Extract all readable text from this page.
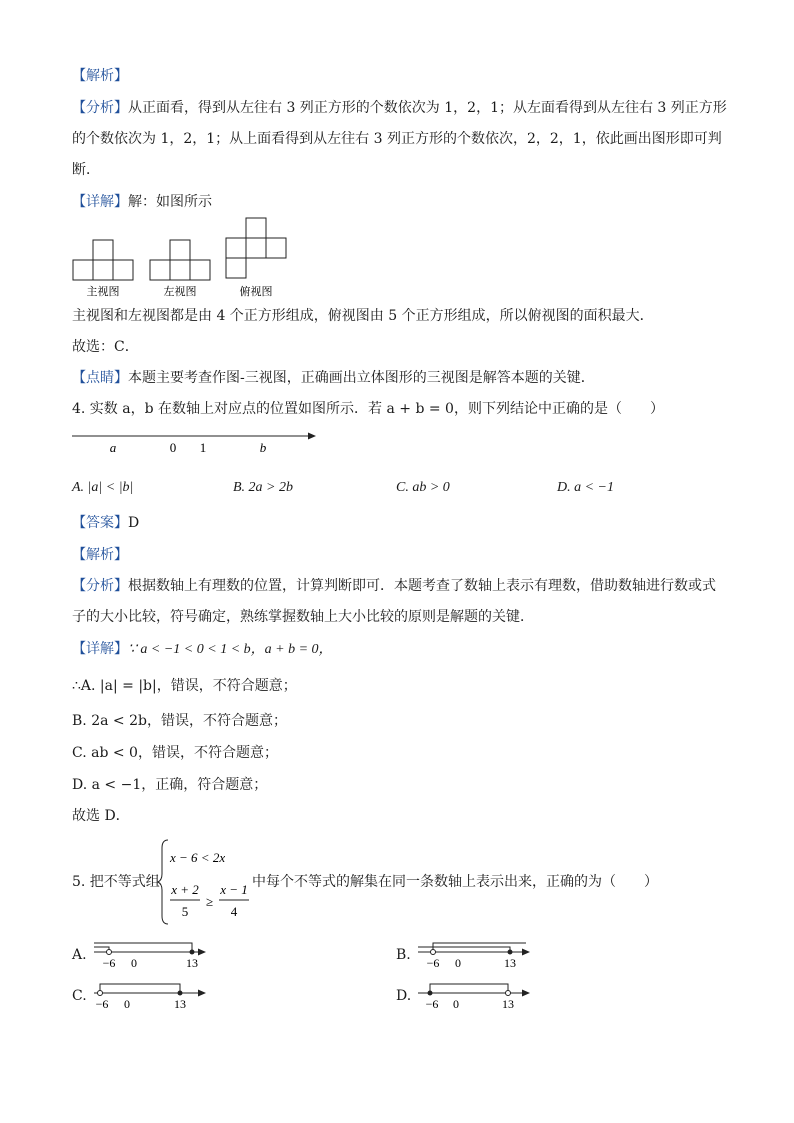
【解析】
【分析】从正面看，得到从左往右 3 列正方形的个数依次为 1，2，1；从左面看得到从左往右 3 列正方形
的个数依次为 1，2，1；从上面看得到从左往右 3 列正方形的个数依次，2，2，1，依此画出图形即可判
断．
【详解】解：如图所示
主视图	左视图	俯视图
主视图和左视图都是由 4 个正方形组成，俯视图由 5 个正方形组成，所以俯视图的面积最大．
故选：C．
【点睛】本题主要考查作图-三视图，正确画出立体图形的三视图是解答本题的关键．
4. 实数 a，b 在数轴上对应点的位置如图所示．若 a + b = 0，则下列结论中正确的是（　　）
a	0 1	b
A. |a| < |b|	B. 2a > 2b	C. ab > 0	D. a < −1
【答案】D
【解析】
【分析】根据数轴上有理数的位置，计算判断即可．本题考查了数轴上表示有理数，借助数轴进行数或式
子的大小比较，符号确定，熟练掌握数轴上大小比较的原则是解题的关键．
【详解】∵ a < −1 < 0 < 1 < b，a + b = 0，
∴A. |a| = |b|，错误，不符合题意；
B. 2a < 2b，错误，不符合题意；
C. ab < 0，错误，不符合题意；
D. a < −1，正确，符合题意；
故选 D．
5. 把不等式组
x − 6 < 2x
x + 2
5
≥
x − 1
4
中每个不等式的解集在同一条数轴上表示出来，正确的为（　　）
A. −6 0	13	B. −6 0	13
C. −6 0	13	D. −6 0	13
